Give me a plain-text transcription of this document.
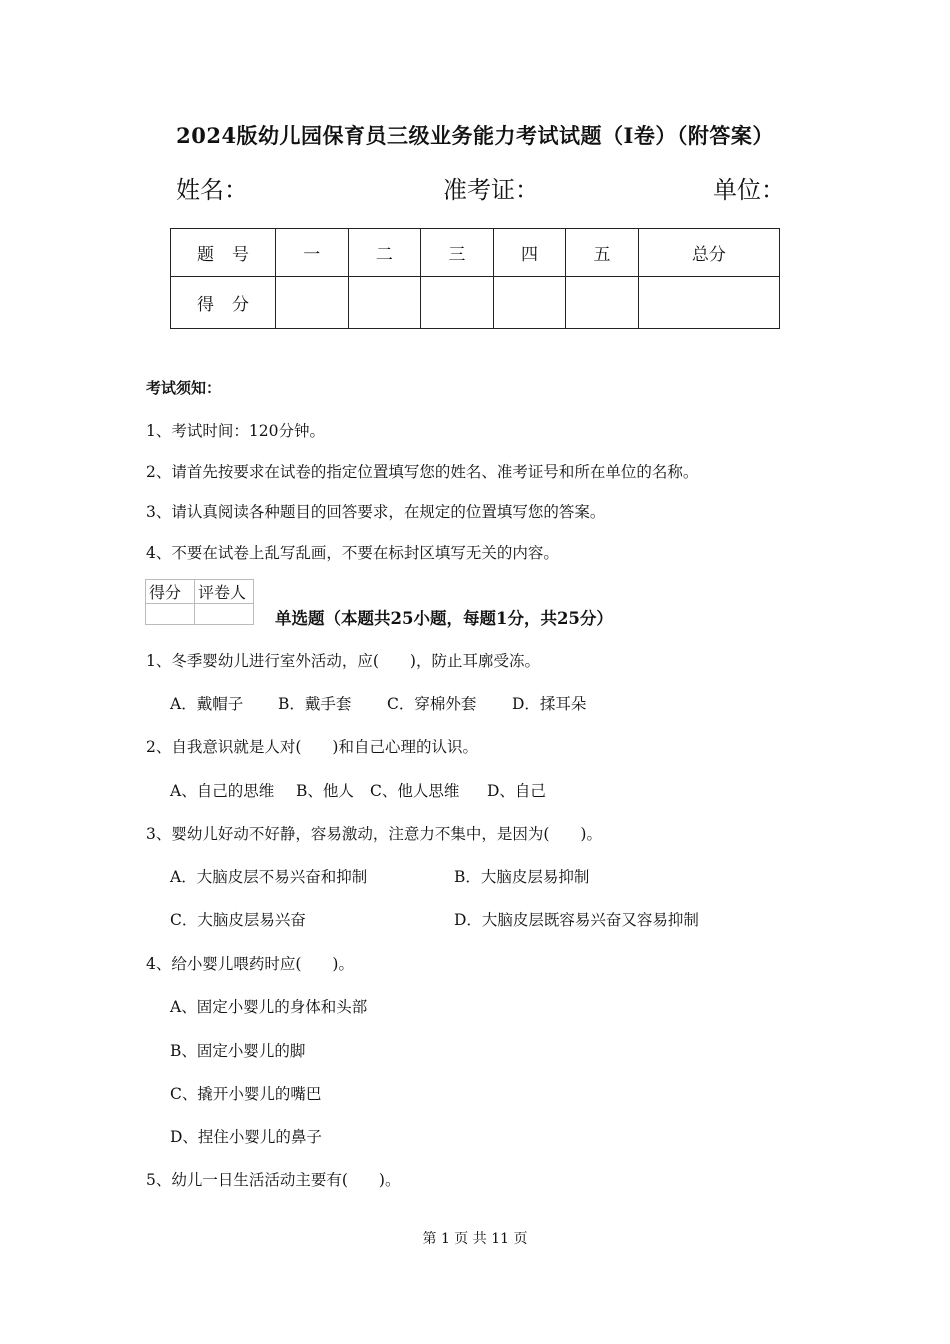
2024版幼儿园保育员三级业务能力考试试题（I卷）（附答案）
姓名：	准考证：	单位：
题号	一	二	三	四	五	总分
得分						
考试须知：
1、考试时间：120分钟。
2、请首先按要求在试卷的指定位置填写您的姓名、准考证号和所在单位的名称。
3、请认真阅读各种题目的回答要求，在规定的位置填写您的答案。
4、不要在试卷上乱写乱画，不要在标封区填写无关的内容。
得分	评卷人

单选题（本题共25小题，每题1分，共25分）
1、冬季婴幼儿进行室外活动，应(　　)，防止耳廓受冻。
A．戴帽子 B．戴手套 C．穿棉外套 D．揉耳朵
2、自我意识就是人对(　　)和自己心理的认识。
A、自己的思维 B、他人 C、他人思维 D、自己
3、婴幼儿好动不好静，容易激动，注意力不集中，是因为(　　)。
A．大脑皮层不易兴奋和抑制	B．大脑皮层易抑制
C．大脑皮层易兴奋	D．大脑皮层既容易兴奋又容易抑制
4、给小婴儿喂药时应(　　)。
A、固定小婴儿的身体和头部
B、固定小婴儿的脚
C、撬开小婴儿的嘴巴
D、捏住小婴儿的鼻子
5、幼儿一日生活活动主要有(　　)。
第 1 页 共 11 页
